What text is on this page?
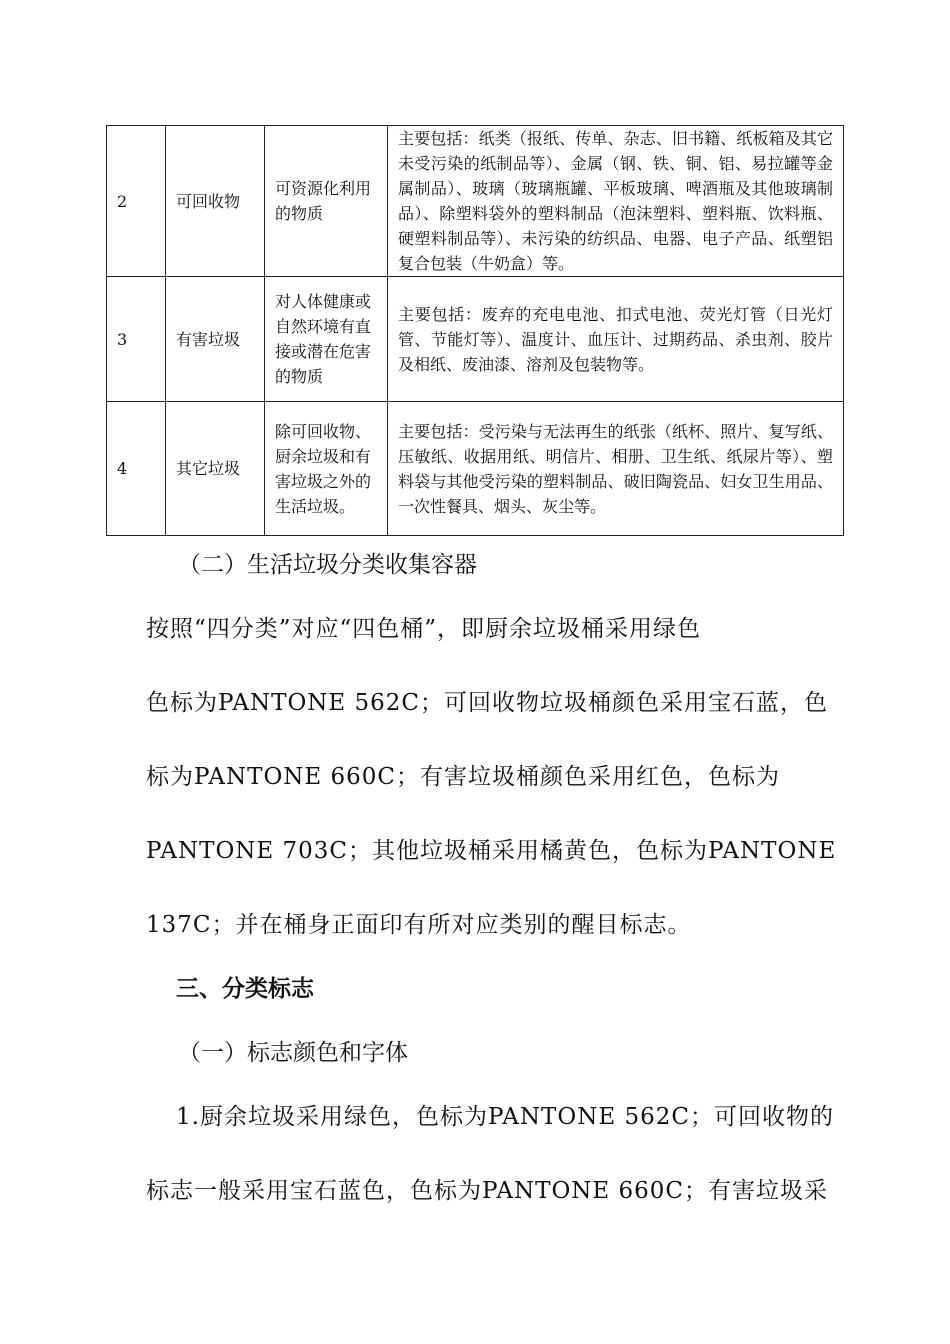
2	可回收物	可资源化利用的物质	主要包括：纸类（报纸、传单、杂志、旧书籍、纸板箱及其它未受污染的纸制品等）、金属（钢、铁、铜、铝、易拉罐等金属制品）、玻璃（玻璃瓶罐、平板玻璃、啤酒瓶及其他玻璃制品）、除塑料袋外的塑料制品（泡沫塑料、塑料瓶、饮料瓶、硬塑料制品等）、未污染的纺织品、电器、电子产品、纸塑铝复合包装（牛奶盒）等。
3	有害垃圾	对人体健康或自然环境有直接或潜在危害的物质	主要包括：废弃的充电电池、扣式电池、荧光灯管（日光灯管、节能灯等）、温度计、血压计、过期药品、杀虫剂、胶片及相纸、废油漆、溶剂及包装物等。
4	其它垃圾	除可回收物、厨余垃圾和有害垃圾之外的生活垃圾。	主要包括：受污染与无法再生的纸张（纸杯、照片、复写纸、压敏纸、收据用纸、明信片、相册、卫生纸、纸尿片等）、塑料袋与其他受污染的塑料制品、破旧陶瓷品、妇女卫生用品、一次性餐具、烟头、灰尘等。
（二）生活垃圾分类收集容器
按照“四分类”对应“四色桶”，即厨余垃圾桶采用绿色
色标为PANTONE 562C；可回收物垃圾桶颜色采用宝石蓝，色
标为PANTONE 660C；有害垃圾桶颜色采用红色，色标为
PANTONE 703C；其他垃圾桶采用橘黄色，色标为PANTONE
137C；并在桶身正面印有所对应类别的醒目标志。
三、分类标志
（一）标志颜色和字体
1.厨余垃圾采用绿色，色标为PANTONE 562C；可回收物的
标志一般采用宝石蓝色，色标为PANTONE 660C；有害垃圾采
